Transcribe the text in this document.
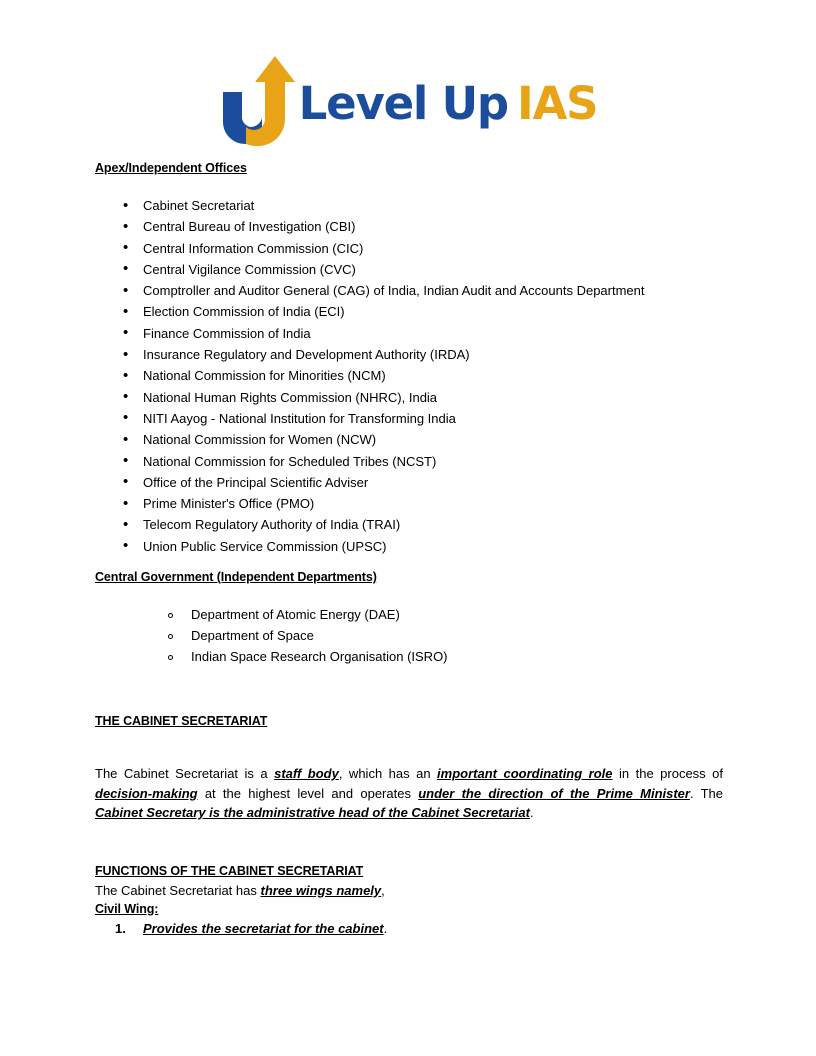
Level Up IAS
Apex/Independent Offices
• Cabinet Secretariat
• Central Bureau of Investigation (CBI)
• Central Information Commission (CIC)
• Central Vigilance Commission (CVC)
• Comptroller and Auditor General (CAG) of India, Indian Audit and Accounts Department
• Election Commission of India (ECI)
• Finance Commission of India
• Insurance Regulatory and Development Authority (IRDA)
• National Commission for Minorities (NCM)
• National Human Rights Commission (NHRC), India
• NITI Aayog - National Institution for Transforming India
• National Commission for Women (NCW)
• National Commission for Scheduled Tribes (NCST)
• Office of the Principal Scientific Adviser
• Prime Minister's Office (PMO)
• Telecom Regulatory Authority of India (TRAI)
• Union Public Service Commission (UPSC)
Central Government (Independent Departments)
Department of Atomic Energy (DAE)
Department of Space
Indian Space Research Organisation (ISRO)
THE CABINET SECRETARIAT
The Cabinet Secretariat is a staff body, which has an important coordinating role in the process of decision-making at the highest level and operates under the direction of the Prime Minister. The Cabinet Secretary is the administrative head of the Cabinet Secretariat.
FUNCTIONS OF THE CABINET SECRETARIAT
The Cabinet Secretariat has three wings namely,
Civil Wing:
Provides the secretariat for the cabinet.
